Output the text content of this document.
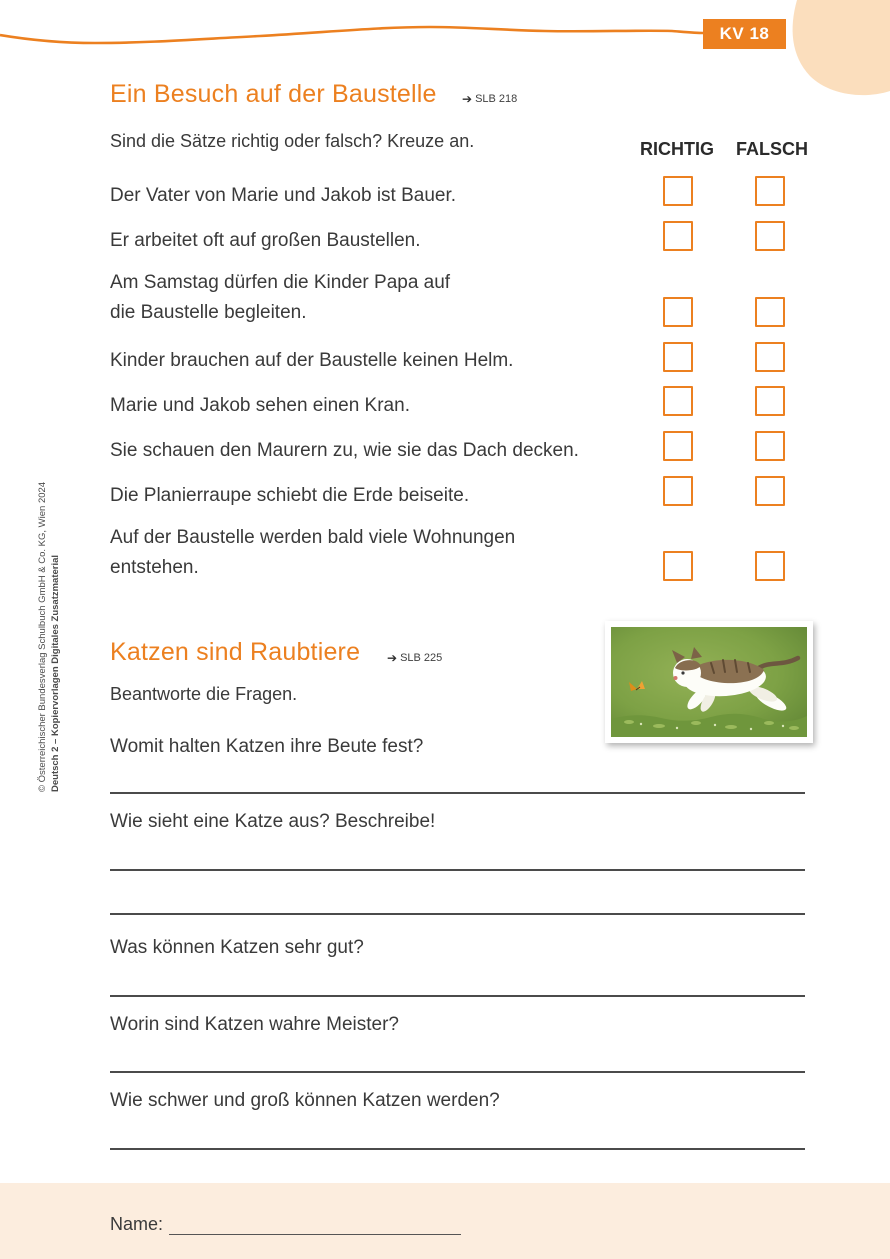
KV 18
© Österreichischer Bundesverlag Schulbuch GmbH & Co. KG, Wien 2024 Deutsch 2 – Kopiervorlagen Digitales Zusatzmaterial
Ein Besuch auf der Baustelle ➔ SLB 218
Sind die Sätze richtig oder falsch? Kreuze an.	RICHTIG	FALSCH
Der Vater von Marie und Jakob ist Bauer.
Er arbeitet oft auf großen Baustellen.
Am Samstag dürfen die Kinder Papa auf
die Baustelle begleiten.
Kinder brauchen auf der Baustelle keinen Helm.
Marie und Jakob sehen einen Kran.
Sie schauen den Maurern zu, wie sie das Dach decken.
Die Planierraupe schiebt die Erde beiseite.
Auf der Baustelle werden bald viele Wohnungen
entstehen.
Katzen sind Raubtiere ➔ SLB 225
Beantworte die Fragen.
Womit halten Katzen ihre Beute fest?
Wie sieht eine Katze aus? Beschreibe!
Was können Katzen sehr gut?
Worin sind Katzen wahre Meister?
Wie schwer und groß können Katzen werden?
Name:
